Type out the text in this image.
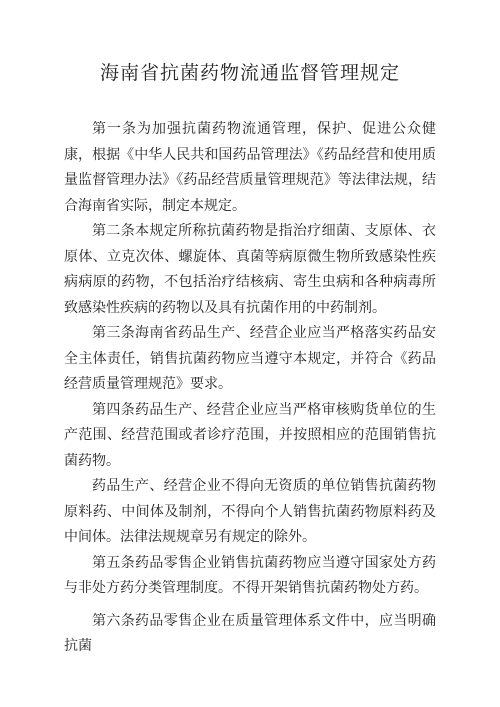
海南省抗菌药物流通监督管理规定

第一条为加强抗菌药物流通管理，保护、促进公众健康，根据《中华人民共和国药品管理法》《药品经营和使用质量监督管理办法》《药品经营质量管理规范》等法律法规，结合海南省实际，制定本规定。

第二条本规定所称抗菌药物是指治疗细菌、支原体、衣原体、立克次体、螺旋体、真菌等病原微生物所致感染性疾病病原的药物，不包括治疗结核病、寄生虫病和各种病毒所致感染性疾病的药物以及具有抗菌作用的中药制剂。

第三条海南省药品生产、经营企业应当严格落实药品安全主体责任，销售抗菌药物应当遵守本规定，并符合《药品经营质量管理规范》要求。

第四条药品生产、经营企业应当严格审核购货单位的生产范围、经营范围或者诊疗范围，并按照相应的范围销售抗菌药物。

药品生产、经营企业不得向无资质的单位销售抗菌药物原料药、中间体及制剂，不得向个人销售抗菌药物原料药及中间体。法律法规规章另有规定的除外。

第五条药品零售企业销售抗菌药物应当遵守国家处方药与非处方药分类管理制度。不得开架销售抗菌药物处方药。

第六条药品零售企业在质量管理体系文件中，应当明确抗菌
